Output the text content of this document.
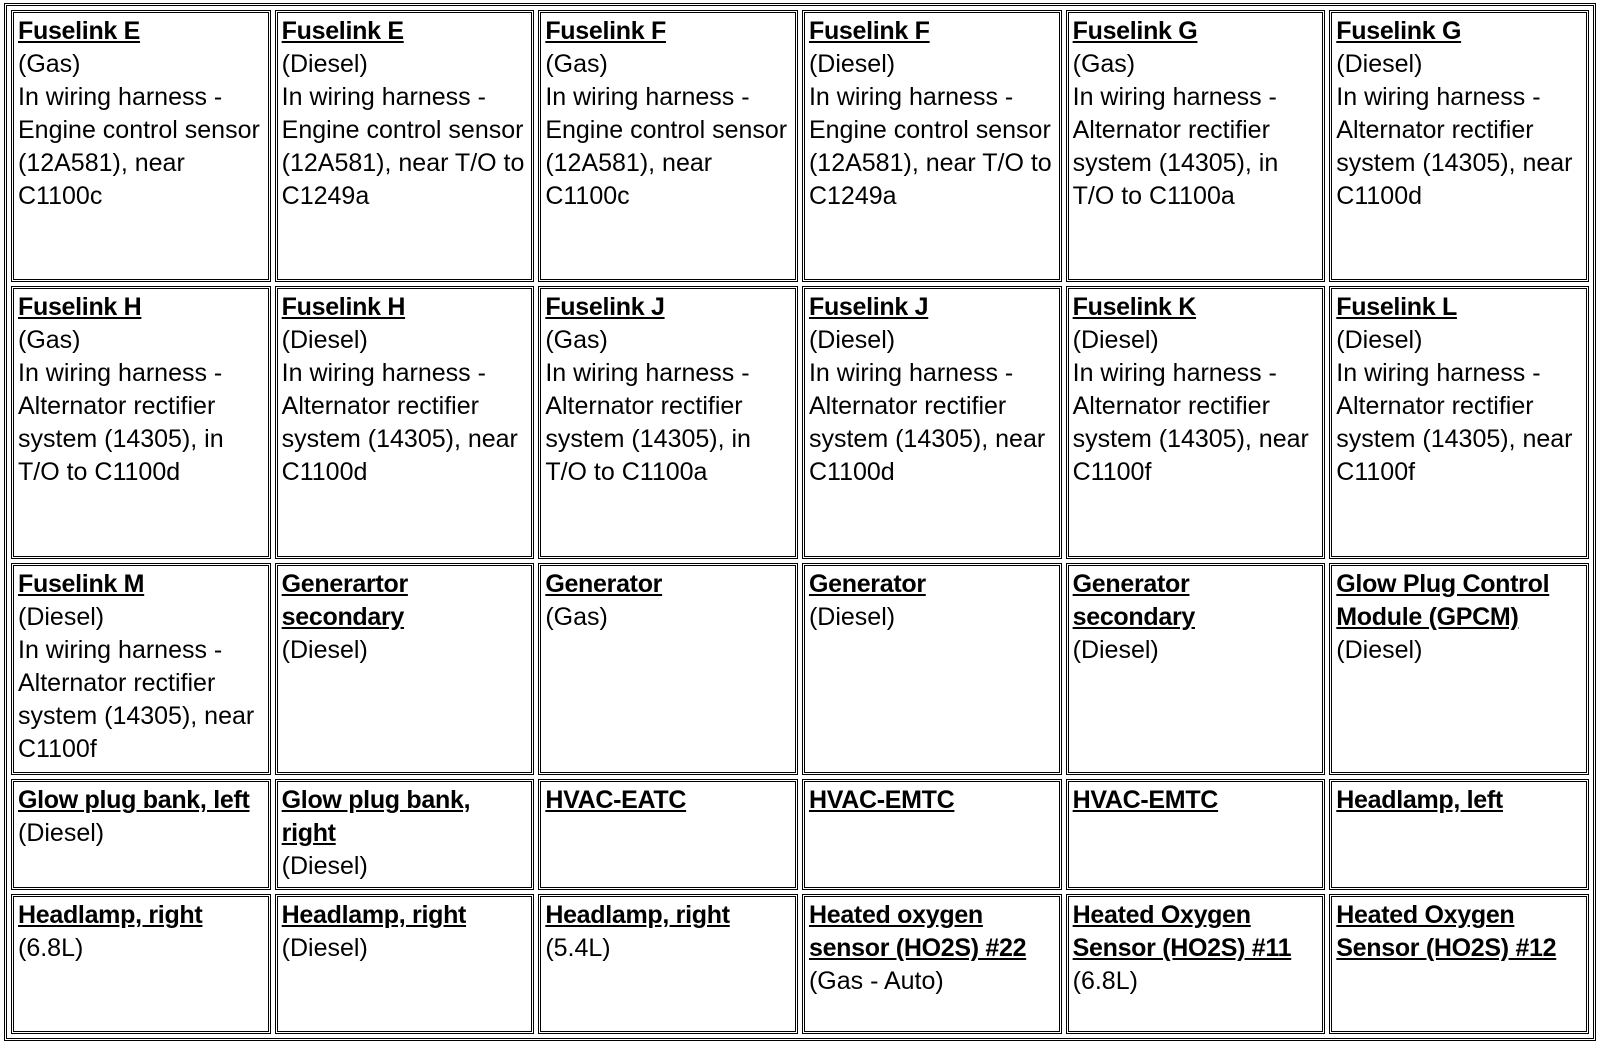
Fuselink E
(Gas)
In wiring harness - Engine control sensor (12A581), near C1100c	Fuselink E
(Diesel)
In wiring harness - Engine control sensor (12A581), near T/O to C1249a	Fuselink F
(Gas)
In wiring harness - Engine control sensor (12A581), near C1100c	Fuselink F
(Diesel)
In wiring harness - Engine control sensor (12A581), near T/O to C1249a	Fuselink G
(Gas)
In wiring harness - Alternator rectifier system (14305), in T/O to C1100a	Fuselink G
(Diesel)
In wiring harness - Alternator rectifier system (14305), near C1100d

Fuselink H
(Gas)
In wiring harness - Alternator rectifier system (14305), in T/O to C1100d	Fuselink H
(Diesel)
In wiring harness - Alternator rectifier system (14305), near C1100d	Fuselink J
(Gas)
In wiring harness - Alternator rectifier system (14305), in T/O to C1100a	Fuselink J
(Diesel)
In wiring harness - Alternator rectifier system (14305), near C1100d	Fuselink K
(Diesel)
In wiring harness - Alternator rectifier system (14305), near C1100f	Fuselink L
(Diesel)
In wiring harness - Alternator rectifier system (14305), near C1100f

Fuselink M
(Diesel)
In wiring harness - Alternator rectifier system (14305), near C1100f	Generartor secondary
(Diesel)	Generator
(Gas)	Generator
(Diesel)	Generator secondary
(Diesel)	Glow Plug Control Module (GPCM)
(Diesel)

Glow plug bank, left
(Diesel)	Glow plug bank, right
(Diesel)	HVAC-EATC	HVAC-EMTC	HVAC-EMTC	Headlamp, left

Headlamp, right
(6.8L)	Headlamp, right
(Diesel)	Headlamp, right
(5.4L)	Heated oxygen sensor (HO2S) #22
(Gas - Auto)	Heated Oxygen Sensor (HO2S) #11
(6.8L)	Heated Oxygen Sensor (HO2S) #12
